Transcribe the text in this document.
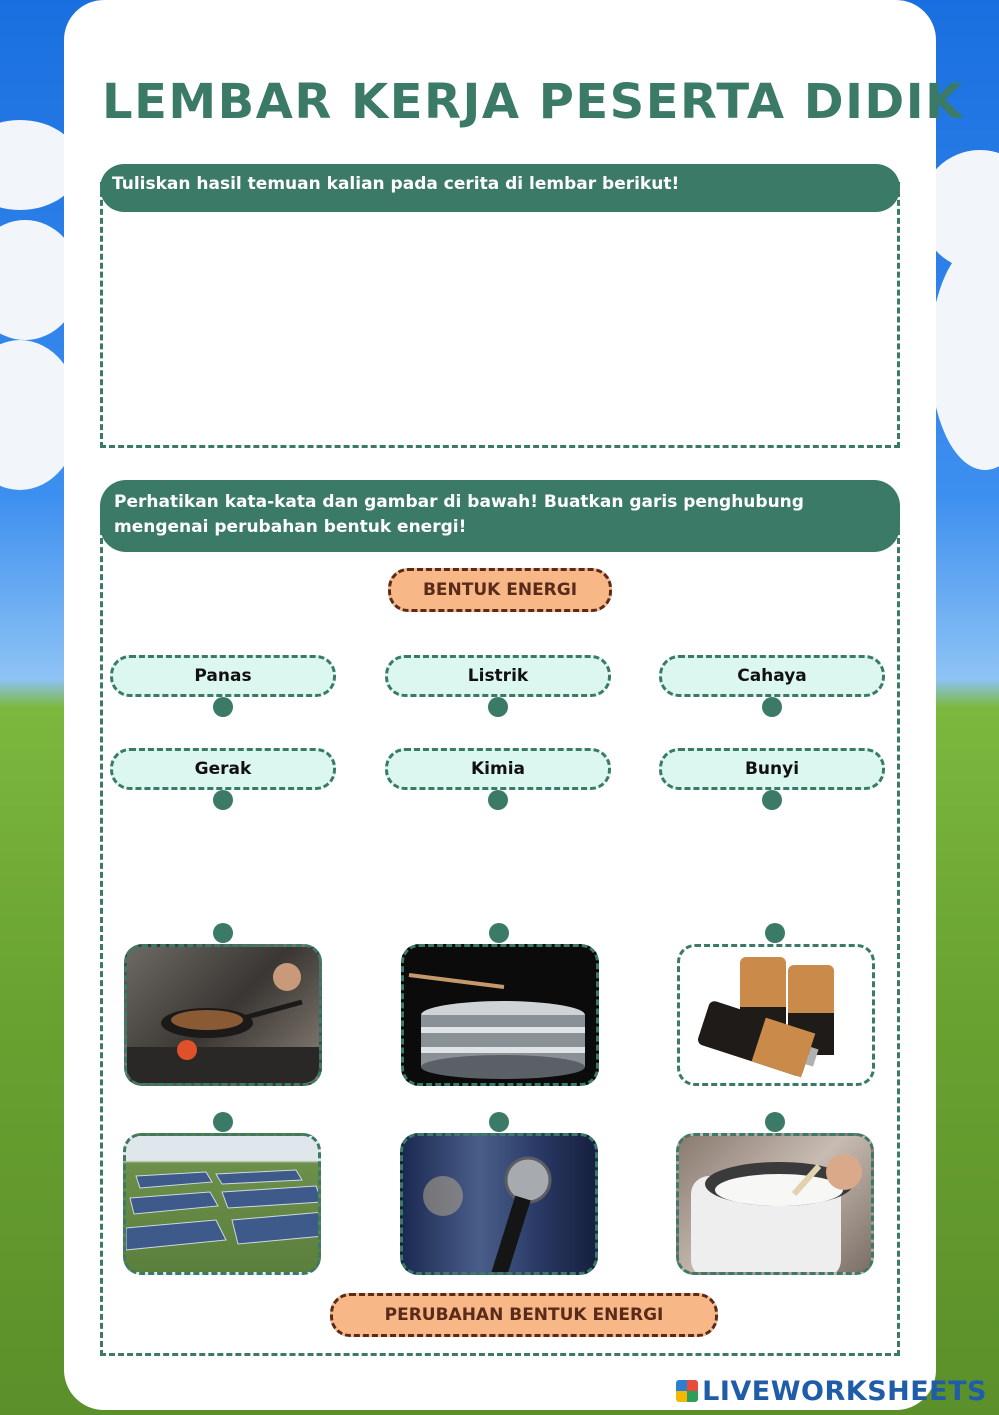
LEMBAR KERJA PESERTA DIDIK
Tuliskan hasil temuan kalian pada cerita di lembar berikut!
Perhatikan kata-kata dan gambar di bawah! Buatkan garis penghubung mengenai perubahan bentuk energi!
BENTUK ENERGI
Panas	Listrik	Cahaya
Gerak	Kimia	Bunyi
PERUBAHAN BENTUK ENERGI
LIVEWORKSHEETS
